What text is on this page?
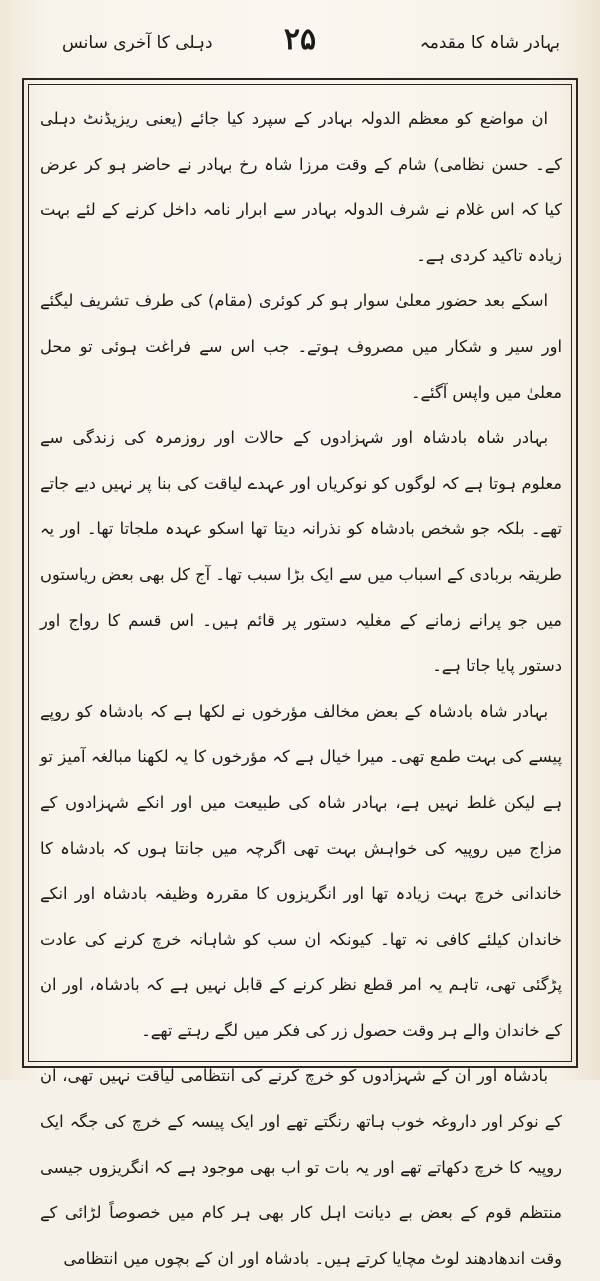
بہادر شاہ کا مقدمہ
۲۵
دہلی کا آخری سانس

ان مواضع کو معظم الدولہ بہادر کے سپرد کیا جائے (یعنی ریزیڈنٹ دہلی کے۔ حسن نظامی) شام کے وقت مرزا شاہ رخ بہادر نے حاضر ہو کر عرض کیا کہ اس غلام نے شرف الدولہ بہادر سے ابرار نامہ داخل کرنے کے لئے بہت زیادہ تاکید کردی ہے۔

اسکے بعد حضور معلیٰ سوار ہو کر کوئری (مقام) کی طرف تشریف لیگئے اور سیر و شکار میں مصروف ہوتے۔ جب اس سے فراغت ہوئی تو محل معلیٰ میں واپس آگئے۔

بہادر شاہ بادشاہ اور شہزادوں کے حالات اور روزمرہ کی زندگی سے معلوم ہوتا ہے کہ لوگوں کو نوکریاں اور عہدے لیاقت کی بنا پر نہیں دیے جاتے تھے۔ بلکہ جو شخص بادشاہ کو نذرانہ دیتا تھا اسکو عہدہ ملجاتا تھا۔ اور یہ طریقہ بربادی کے اسباب میں سے ایک بڑا سبب تھا۔ آج کل بھی بعض ریاستوں میں جو پرانے زمانے کے مغلیہ دستور پر قائم ہیں۔ اس قسم کا رواج اور دستور پایا جاتا ہے۔

بہادر شاہ بادشاہ کے بعض مخالف مؤرخوں نے لکھا ہے کہ بادشاہ کو روپے پیسے کی بہت طمع تھی۔ میرا خیال ہے کہ مؤرخوں کا یہ لکھنا مبالغہ آمیز تو ہے لیکن غلط نہیں ہے، بہادر شاہ کی طبیعت میں اور انکے شہزادوں کے مزاج میں روپیہ کی خواہش بہت تھی اگرچہ میں جانتا ہوں کہ بادشاہ کا خاندانی خرچ بہت زیادہ تھا اور انگریزوں کا مقررہ وظیفہ بادشاہ اور انکے خاندان کیلئے کافی نہ تھا۔ کیونکہ ان سب کو شاہانہ خرچ کرنے کی عادت پڑگئی تھی، تاہم یہ امر قطع نظر کرنے کے قابل نہیں ہے کہ بادشاہ، اور ان کے خاندان والے ہر وقت حصول زر کی فکر میں لگے رہتے تھے۔

بادشاہ اور ان کے شہزادوں کو خرچ کرنے کی انتظامی لیاقت نہیں تھی، ان کے نوکر اور داروغہ خوب ہاتھ رنگتے تھے اور ایک پیسہ کے خرچ کی جگہ ایک روپیہ کا خرچ دکھاتے تھے اور یہ بات تو اب بھی موجود ہے کہ انگریزوں جیسی منتظم قوم کے بعض بے دیانت اہل کار بھی ہر کام میں خصوصاً لڑائی کے وقت اندھادھند لوٹ مچایا کرتے ہیں۔ بادشاہ اور ان کے بچوں میں انتظامی
